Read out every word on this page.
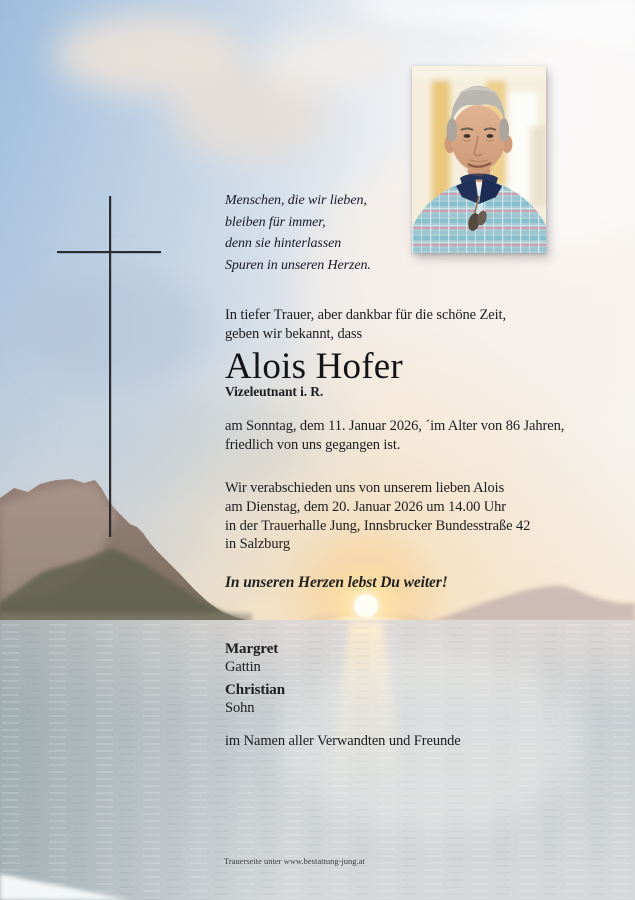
Menschen, die wir lieben,
bleiben für immer,
denn sie hinterlassen
Spuren in unseren Herzen.
In tiefer Trauer, aber dankbar für die schöne Zeit,
geben wir bekannt, dass
Alois Hofer
Vizeleutnant i. R.
am Sonntag, dem 11. Januar 2026, ´im Alter von 86 Jahren,
friedlich von uns gegangen ist.
Wir verabschieden uns von unserem lieben Alois
am Dienstag, dem 20. Januar 2026 um 14.00 Uhr
in der Trauerhalle Jung, Innsbrucker Bundesstraße 42
in Salzburg
In unseren Herzen lebst Du weiter!
Margret
Gattin
Christian
Sohn
im Namen aller Verwandten und Freunde
Trauerseite unter www.bestattung-jung.at
